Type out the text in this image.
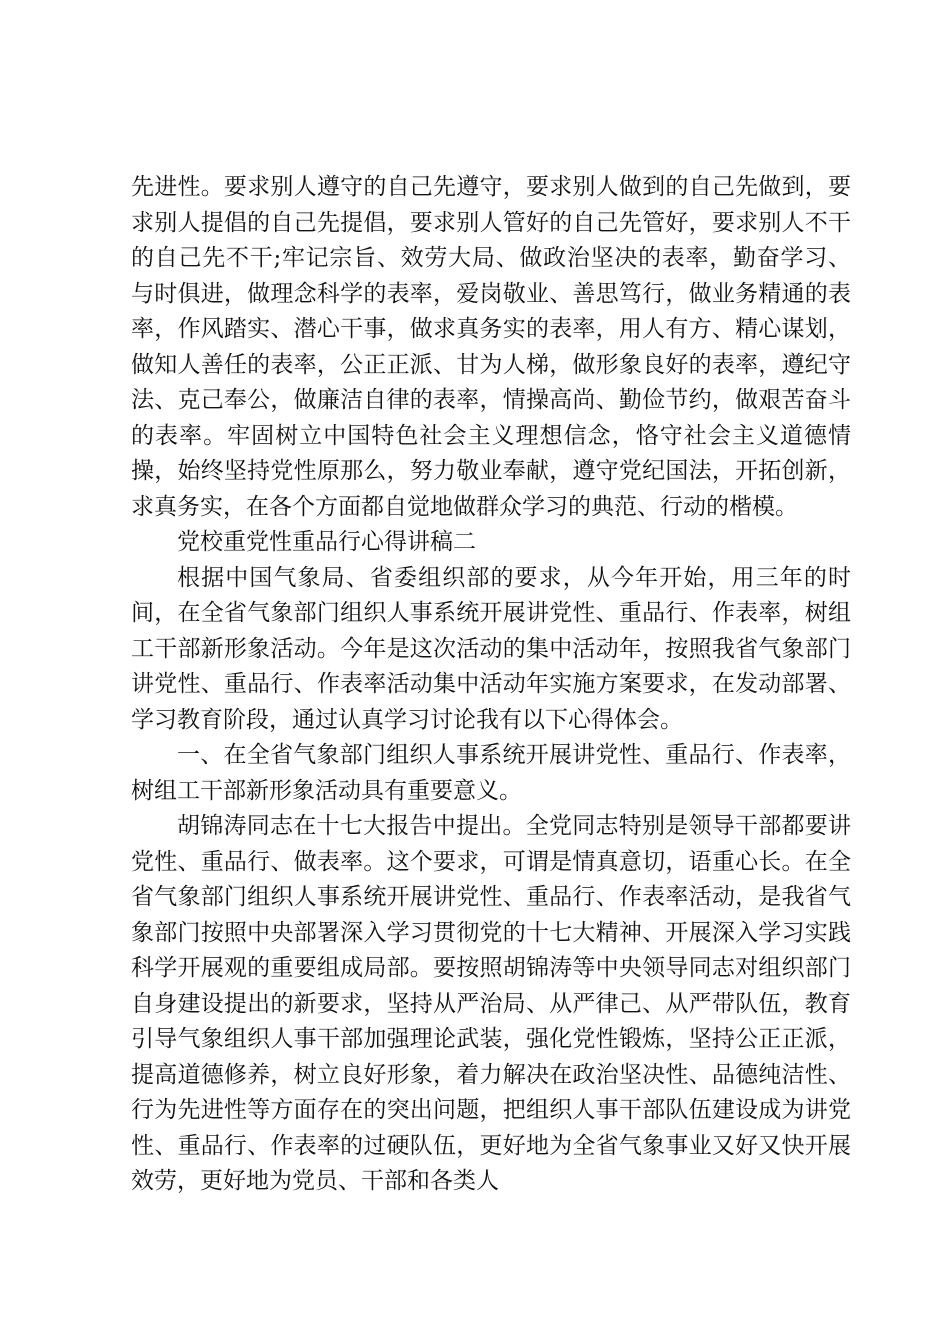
先进性。要求别人遵守的自己先遵守，要求别人做到的自己先做到，要求别人提倡的自己先提倡，要求别人管好的自己先管好，要求别人不干的自己先不干;牢记宗旨、效劳大局、做政治坚决的表率，勤奋学习、与时俱进，做理念科学的表率，爱岗敬业、善思笃行，做业务精通的表率，作风踏实、潜心干事，做求真务实的表率，用人有方、精心谋划，做知人善任的表率，公正正派、甘为人梯，做形象良好的表率，遵纪守法、克己奉公，做廉洁自律的表率，情操高尚、勤俭节约，做艰苦奋斗的表率。牢固树立中国特色社会主义理想信念，恪守社会主义道德情操，始终坚持党性原那么，努力敬业奉献，遵守党纪国法，开拓创新，求真务实，在各个方面都自觉地做群众学习的典范、行动的楷模。

党校重党性重品行心得讲稿二

根据中国气象局、省委组织部的要求，从今年开始，用三年的时间，在全省气象部门组织人事系统开展讲党性、重品行、作表率，树组工干部新形象活动。今年是这次活动的集中活动年，按照我省气象部门讲党性、重品行、作表率活动集中活动年实施方案要求，在发动部署、学习教育阶段，通过认真学习讨论我有以下心得体会。

一、在全省气象部门组织人事系统开展讲党性、重品行、作表率，树组工干部新形象活动具有重要意义。

胡锦涛同志在十七大报告中提出。全党同志特别是领导干部都要讲党性、重品行、做表率。这个要求，可谓是情真意切，语重心长。在全省气象部门组织人事系统开展讲党性、重品行、作表率活动，是我省气象部门按照中央部署深入学习贯彻党的十七大精神、开展深入学习实践科学开展观的重要组成局部。要按照胡锦涛等中央领导同志对组织部门自身建设提出的新要求，坚持从严治局、从严律己、从严带队伍，教育引导气象组织人事干部加强理论武装，强化党性锻炼，坚持公正正派，提高道德修养，树立良好形象，着力解决在政治坚决性、品德纯洁性、行为先进性等方面存在的突出问题，把组织人事干部队伍建设成为讲党性、重品行、作表率的过硬队伍，更好地为全省气象事业又好又快开展效劳，更好地为党员、干部和各类人
